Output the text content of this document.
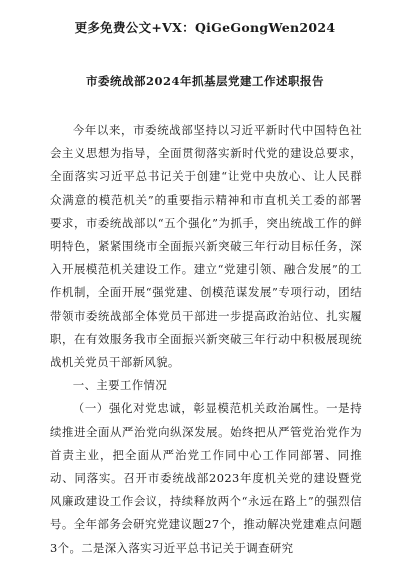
更多免费公文+VX：QiGeGongWen2024
市委统战部2024年抓基层党建工作述职报告

今年以来，市委统战部坚持以习近平新时代中国特色社会主义思想为指导，全面贯彻落实新时代党的建设总要求，全面落实习近平总书记关于创建“让党中央放心、让人民群众满意的模范机关”的重要指示精神和市直机关工委的部署要求，市委统战部以“五个强化”为抓手，突出统战工作的鲜明特色，紧紧围绕市全面振兴新突破三年行动目标任务，深入开展模范机关建设工作。建立“党建引领、融合发展”的工作机制，全面开展“强党建、创模范谋发展”专项行动，团结带领市委统战部全体党员干部进一步提高政治站位、扎实履职，在有效服务我市全面振兴新突破三年行动中积极展现统战机关党员干部新风貌。

一、主要工作情况

（一）强化对党忠诚，彰显模范机关政治属性。一是持续推进全面从严治党向纵深发展。始终把从严管党治党作为首责主业，把全面从严治党工作同中心工作同部署、同推动、同落实。召开市委统战部2023年度机关党的建设暨党风廉政建设工作会议，持续释放两个“永远在路上”的强烈信号。全年部务会研究党建议题27个，推动解决党建难点问题3个。二是深入落实习近平总书记关于调查研究
